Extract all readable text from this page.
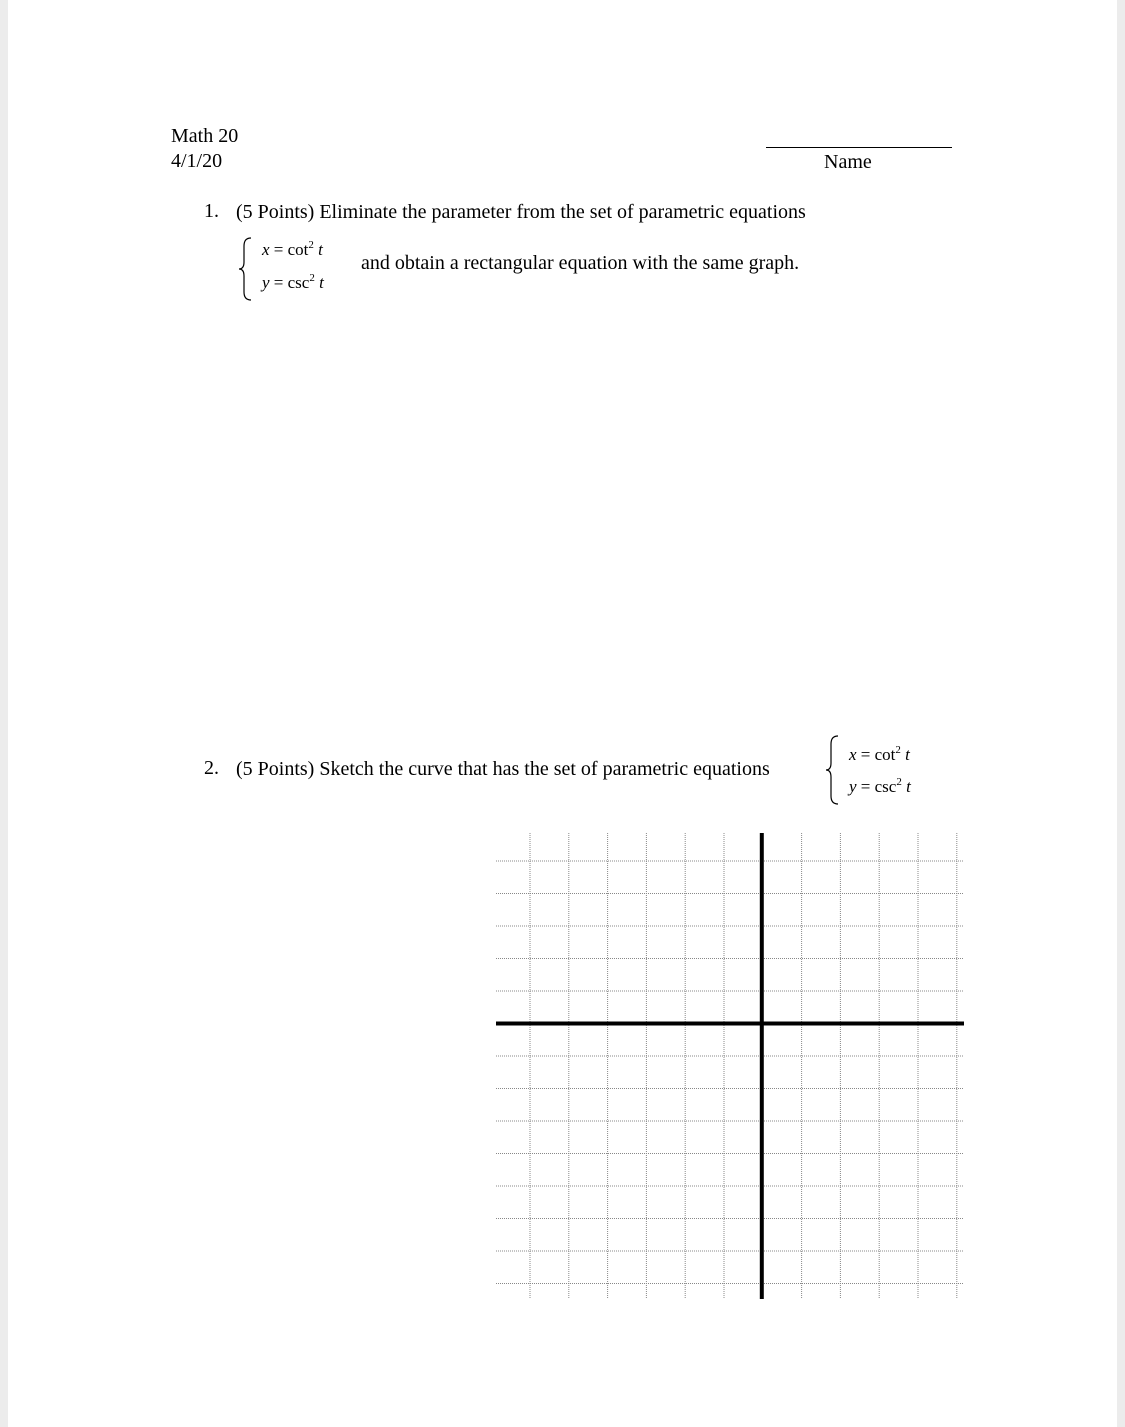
Math 20
4/1/20	Name
1. (5 Points) Eliminate the parameter from the set of parametric equations
$x = \cot^2 t$
$y = \csc^2 t$
and obtain a rectangular equation with the same graph.
2. (5 Points) Sketch the curve that has the set of parametric equations
$x = \cot^2 t$
$y = \csc^2 t$
